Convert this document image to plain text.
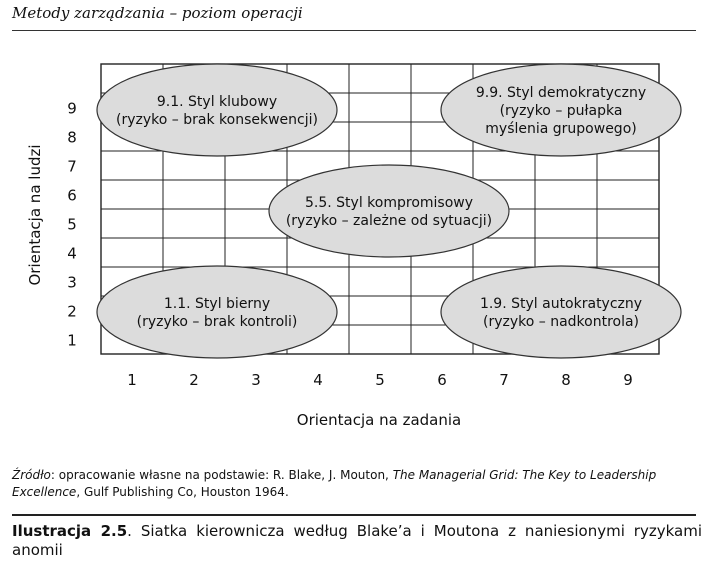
Metody zarządzania – poziom operacji
1
2
3
4
5
6
7
8
9
1	2	3	4	5	6	7	8	9
9.1. Styl klubowy (ryzyko – brak konsekwencji)
9.9. Styl demokratyczny (ryzyko – pułapka myślenia grupowego)
5.5. Styl kompromisowy (ryzyko – zależne od sytuacji)
1.1. Styl bierny (ryzyko – brak kontroli)
1.9. Styl autokratyczny (ryzyko – nadkontrola)
Orientacja na zadania
Orientacja na ludzi
Źródło: opracowanie własne na podstawie: R. Blake, J. Mouton, The Managerial Grid: The Key to Leadership Excellence, Gulf Publishing Co, Houston 1964.
Ilustracja 2.5. Siatka kierownicza według Blake’a i Moutona z naniesionymi ryzykami anomii
